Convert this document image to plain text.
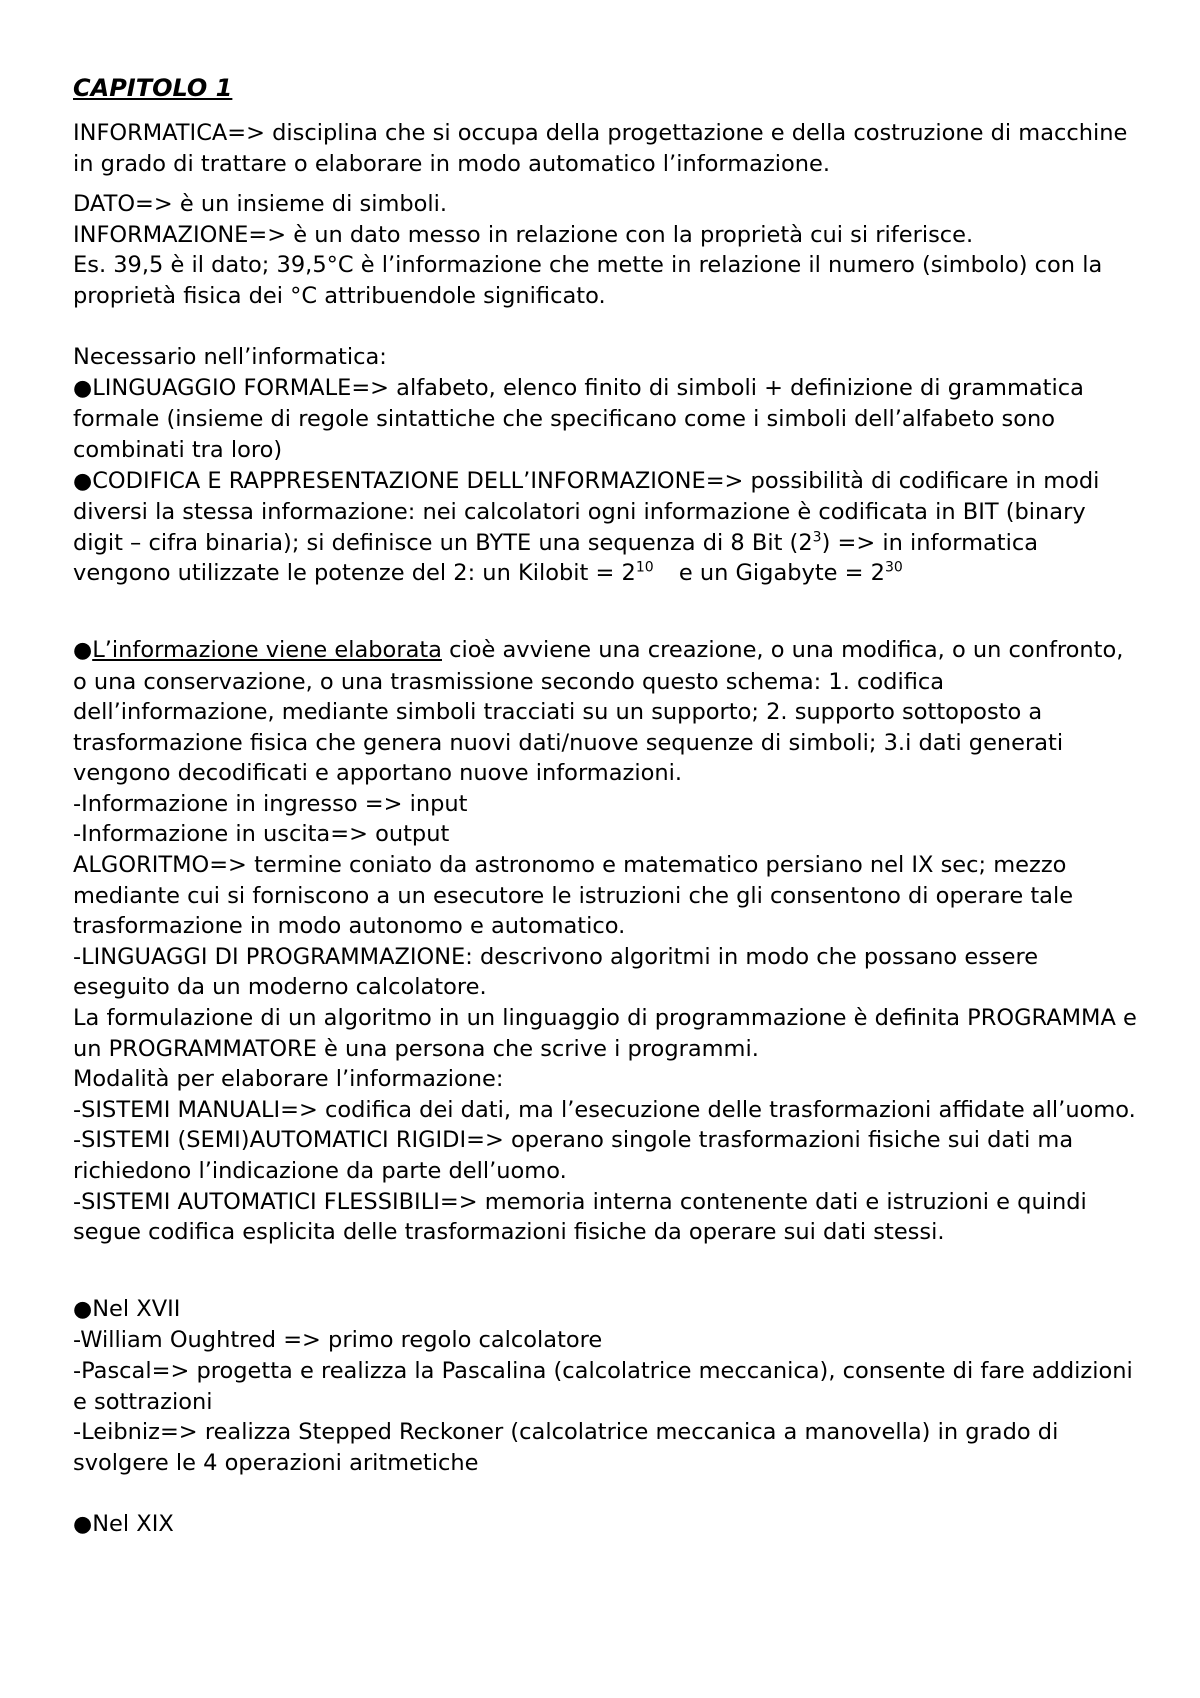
CAPITOLO 1

INFORMATICA=> disciplina che si occupa della progettazione e della costruzione di macchine in grado di trattare o elaborare in modo automatico l’informazione.

DATO=> è un insieme di simboli.

INFORMAZIONE=> è un dato messo in relazione con la proprietà cui si riferisce.

Es. 39,5 è il dato; 39,5°C è l’informazione che mette in relazione il numero (simbolo) con la proprietà fisica dei °C attribuendole significato.

Necessario nell’informatica:

●LINGUAGGIO FORMALE=> alfabeto, elenco finito di simboli + definizione di grammatica formale (insieme di regole sintattiche che specificano come i simboli dell’alfabeto sono combinati tra loro)

●CODIFICA E RAPPRESENTAZIONE DELL’INFORMAZIONE=> possibilità di codificare in modi diversi la stessa informazione: nei calcolatori ogni informazione è codificata in BIT (binary digit – cifra binaria); si definisce un BYTE una sequenza di 8 Bit $(2^3)$ => in informatica vengono utilizzate le potenze del 2: un Kilobit = $2^{10}$ e un Gigabyte = $2^{30}$

●L’informazione viene elaborata cioè avviene una creazione, o una modifica, o un confronto, o una conservazione, o una trasmissione secondo questo schema: 1. codifica dell’informazione, mediante simboli tracciati su un supporto; 2. supporto sottoposto a trasformazione fisica che genera nuovi dati/nuove sequenze di simboli; 3.i dati generati vengono decodificati e apportano nuove informazioni.

-Informazione in ingresso => input

-Informazione in uscita=> output

ALGORITMO=> termine coniato da astronomo e matematico persiano nel IX sec; mezzo mediante cui si forniscono a un esecutore le istruzioni che gli consentono di operare tale trasformazione in modo autonomo e automatico.

-LINGUAGGI DI PROGRAMMAZIONE: descrivono algoritmi in modo che possano essere eseguito da un moderno calcolatore.

La formulazione di un algoritmo in un linguaggio di programmazione è definita PROGRAMMA e un PROGRAMMATORE è una persona che scrive i programmi.

Modalità per elaborare l’informazione:

-SISTEMI MANUALI=> codifica dei dati, ma l’esecuzione delle trasformazioni affidate all’uomo.

-SISTEMI (SEMI)AUTOMATICI RIGIDI=> operano singole trasformazioni fisiche sui dati ma richiedono l’indicazione da parte dell’uomo.

-SISTEMI AUTOMATICI FLESSIBILI=> memoria interna contenente dati e istruzioni e quindi segue codifica esplicita delle trasformazioni fisiche da operare sui dati stessi.

●Nel XVII

-William Oughtred => primo regolo calcolatore

-Pascal=> progetta e realizza la Pascalina (calcolatrice meccanica), consente di fare addizioni e sottrazioni

-Leibniz=> realizza Stepped Reckoner (calcolatrice meccanica a manovella) in grado di svolgere le 4 operazioni aritmetiche

●Nel XIX
